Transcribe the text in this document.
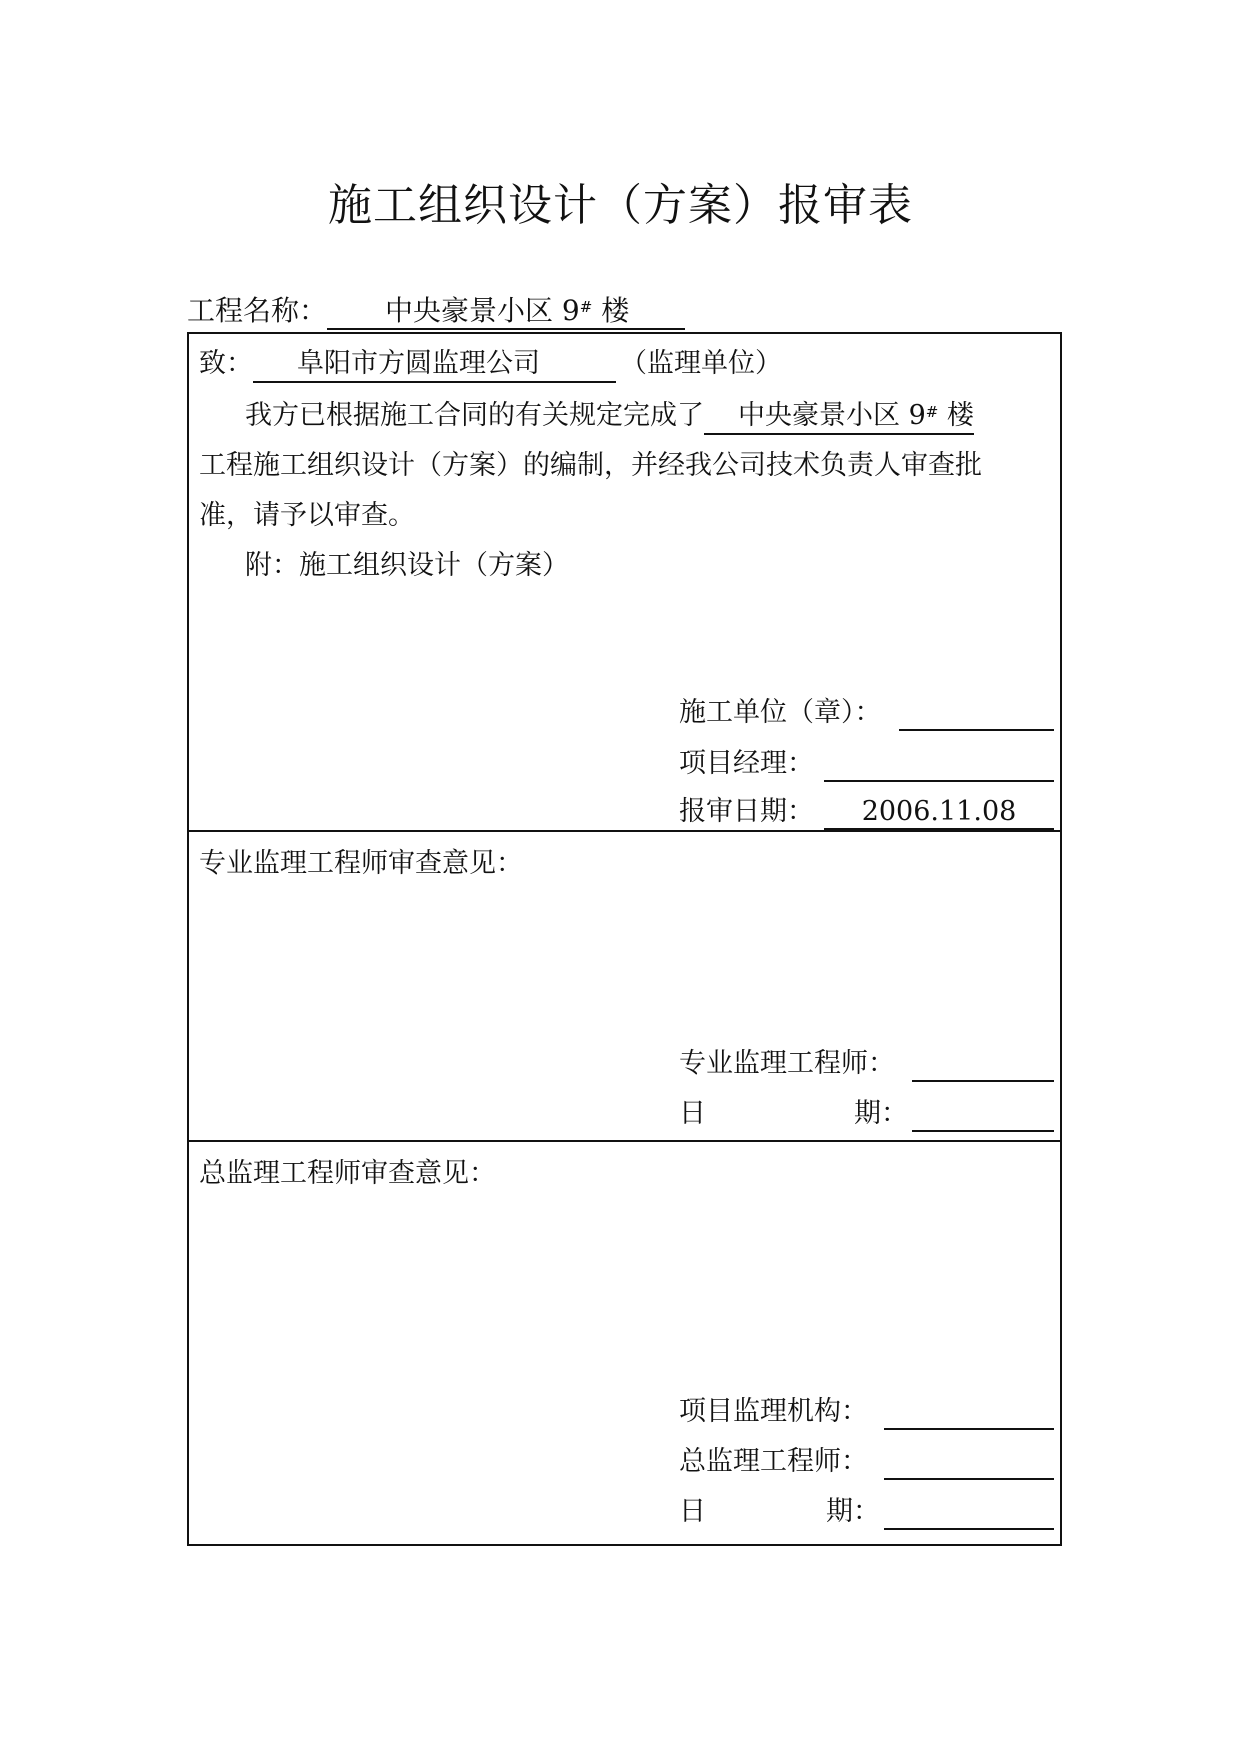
施工组织设计（方案）报审表
工程名称： 中央豪景小区 9# 楼
致： 阜阳市方圆监理公司	（监理单位）
我方已根据施工合同的有关规定完成了 中央豪景小区 9# 楼
工程施工组织设计（方案）的编制，并经我公司技术负责人审查批
准，请予以审查。
附：施工组织设计（方案）
施工单位（章）：
项目经理：
报审日期：	2006.11.08
专业监理工程师审查意见：
专业监理工程师：
日	期：
总监理工程师审查意见：
项目监理机构：
总监理工程师：
日	期：
